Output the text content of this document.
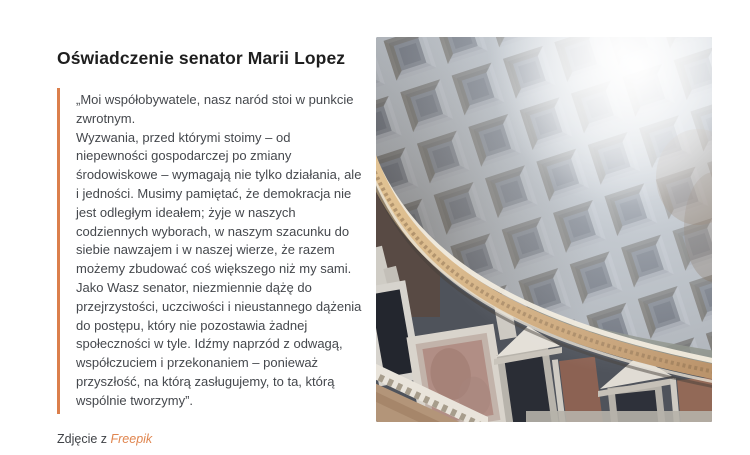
Oświadczenie senator Marii Lopez

„Moi współobywatele, nasz naród stoi w punkcie zwrotnym.

Wyzwania, przed którymi stoimy – od niepewności gospodarczej po zmiany środowiskowe – wymagają nie tylko działania, ale i jedności. Musimy pamiętać, że demokracja nie jest odległym ideałem; żyje w naszych codziennych wyborach, w naszym szacunku do siebie nawzajem i w naszej wierze, że razem możemy zbudować coś większego niż my sami. Jako Wasz senator, niezmiennie dążę do przejrzystości, uczciwości i nieustannego dążenia do postępu, który nie pozostawia żadnej społeczności w tyle. Idźmy naprzód z odwagą, współczuciem i przekonaniem – ponieważ przyszłość, na którą zasługujemy, to ta, którą wspólnie tworzymy”.

Zdjęcie z Freepik
